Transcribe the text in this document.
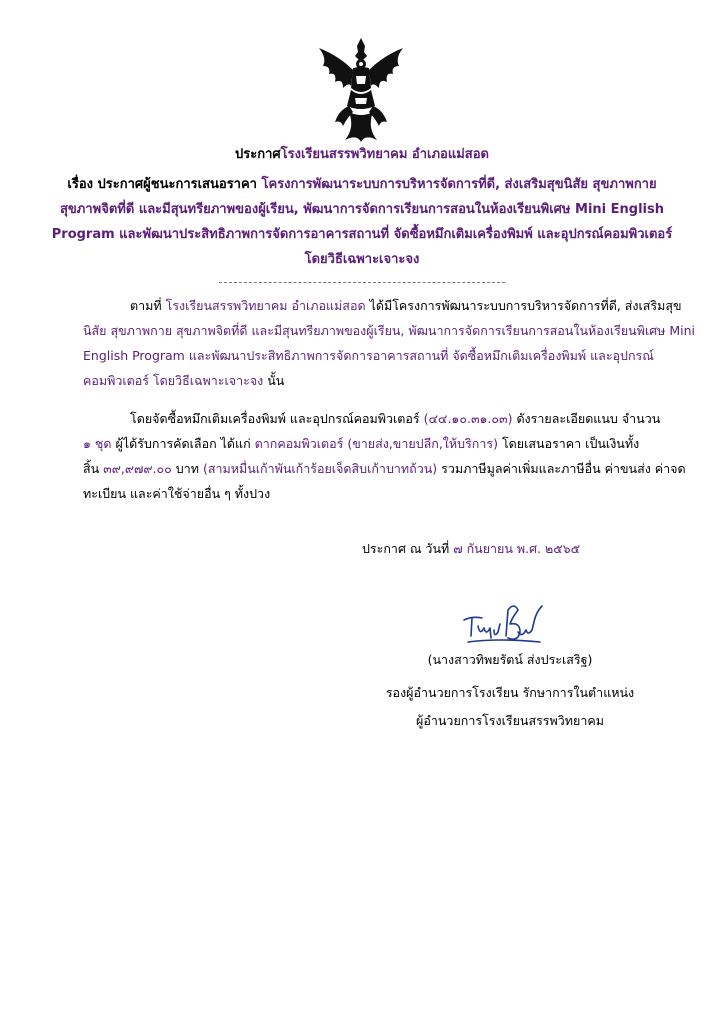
ประกาศโรงเรียนสรรพวิทยาคม อำเภอแม่สอด
เรื่อง ประกาศผู้ชนะการเสนอราคา โครงการพัฒนาระบบการบริหารจัดการที่ดี, ส่งเสริมสุขนิสัย สุขภาพกาย
สุขภาพจิตที่ดี และมีสุนทรียภาพของผู้เรียน, พัฒนาการจัดการเรียนการสอนในห้องเรียนพิเศษ Mini English
Program และพัฒนาประสิทธิภาพการจัดการอาคารสถานที่ จัดซื้อหมึกเติมเครื่องพิมพ์ และอุปกรณ์คอมพิวเตอร์
โดยวิธีเฉพาะเจาะจง
ตามที่ โรงเรียนสรรพวิทยาคม อำเภอแม่สอด ได้มีโครงการพัฒนาระบบการบริหารจัดการที่ดี, ส่งเสริมสุข
นิสัย สุขภาพกาย สุขภาพจิตที่ดี และมีสุนทรียภาพของผู้เรียน, พัฒนาการจัดการเรียนการสอนในห้องเรียนพิเศษ Mini
English Program และพัฒนาประสิทธิภาพการจัดการอาคารสถานที่ จัดซื้อหมึกเติมเครื่องพิมพ์ และอุปกรณ์
คอมพิวเตอร์ โดยวิธีเฉพาะเจาะจง นั้น
โดยจัดซื้อหมึกเติมเครื่องพิมพ์ และอุปกรณ์คอมพิวเตอร์ (๔๔.๑๐.๓๑.๐๓) ดังรายละเอียดแนบ จำนวน
๑ ชุด ผู้ได้รับการคัดเลือก ได้แก่ ตากคอมพิวเตอร์ (ขายส่ง,ขายปลีก,ให้บริการ) โดยเสนอราคา เป็นเงินทั้ง
สิ้น ๓๙,๙๗๙.๐๐ บาท (สามหมื่นเก้าพันเก้าร้อยเจ็ดสิบเก้าบาทถ้วน) รวมภาษีมูลค่าเพิ่มและภาษีอื่น ค่าขนส่ง ค่าจด
ทะเบียน และค่าใช้จ่ายอื่น ๆ ทั้งปวง
ประกาศ ณ วันที่ ๗ กันยายน พ.ศ. ๒๕๖๕
(นางสาวทิพยรัตน์ ส่งประเสริฐ)
รองผู้อำนวยการโรงเรียน รักษาการในตำแหน่ง
ผู้อำนวยการโรงเรียนสรรพวิทยาคม
